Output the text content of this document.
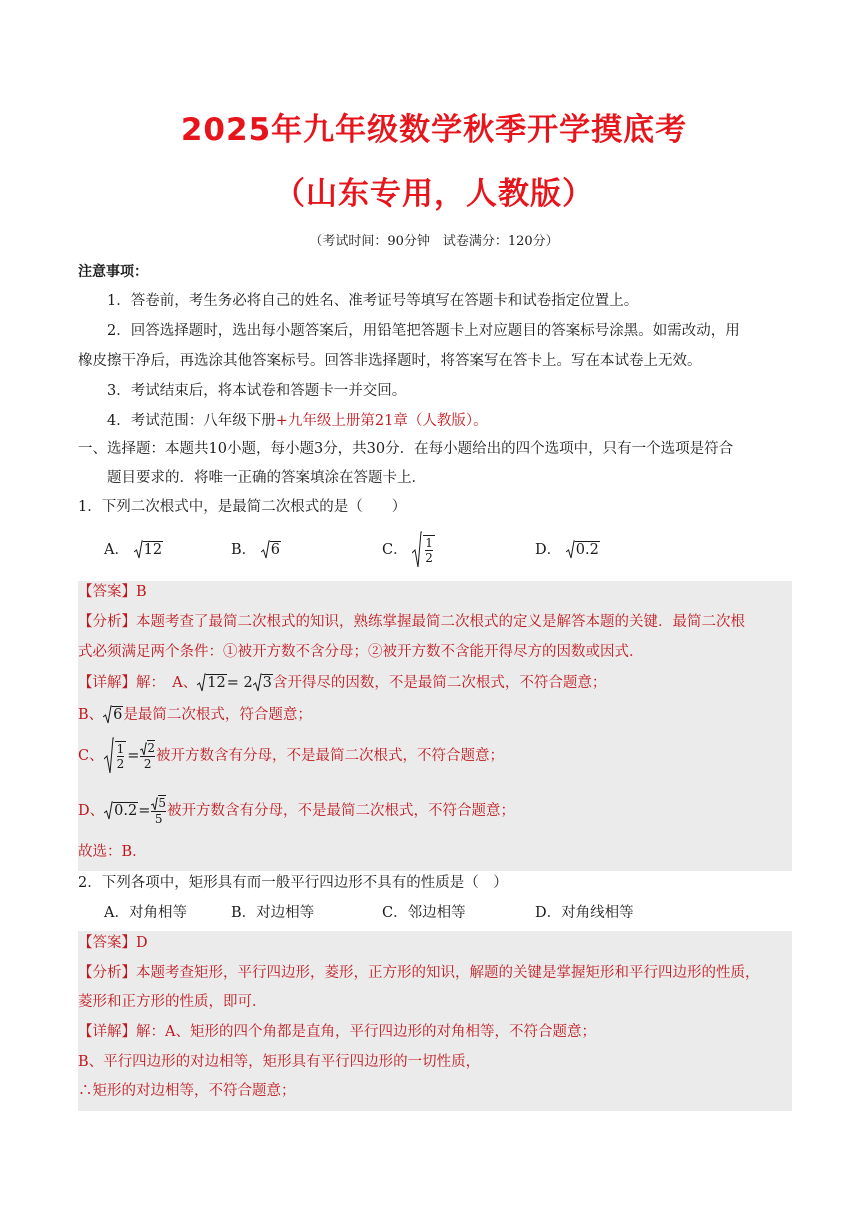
2025年九年级数学秋季开学摸底考
（山东专用，人教版）
（考试时间：90分钟　试卷满分：120分）
注意事项：
1．答卷前，考生务必将自己的姓名、准考证号等填写在答题卡和试卷指定位置上。
2．回答选择题时，选出每小题答案后，用铅笔把答题卡上对应题目的答案标号涂黑。如需改动，用
橡皮擦干净后，再选涂其他答案标号。回答非选择题时，将答案写在答卡上。写在本试卷上无效。
3．考试结束后，将本试卷和答题卡一并交回。
4．考试范围：八年级下册+九年级上册第21章（人教版）。
一、选择题：本题共10小题，每小题3分，共30分．在每小题给出的四个选项中，只有一个选项是符合
题目要求的．将唯一正确的答案填涂在答题卡上．
1．下列二次根式中，是最简二次根式的是（　　）
A． 12	B． 6	C． $\frac{1}{2}$	D． 0.2
【答案】B
【分析】本题考查了最简二次根式的知识，熟练掌握最简二次根式的定义是解答本题的关键．最简二次根
式必须满足两个条件：①被开方数不含分母；②被开方数不含能开得尽方的因数或因式．
【详解】解：　A、 12= 2 3含开得尽的因数，不是最简二次根式，不符合题意；
B、 6是最简二次根式，符合题意；
C、 $\frac{1}{2} = \frac{2}{2}$ 被开方数含有分母，不是最简二次根式，不符合题意；
D、 $0.2= \frac{5}{5}$ 被开方数含有分母，不是最简二次根式，不符合题意；
故选：B．
2．下列各项中，矩形具有而一般平行四边形不具有的性质是（　）
A．对角相等	B．对边相等	C．邻边相等	D．对角线相等
【答案】D
【分析】本题考查矩形，平行四边形，菱形，正方形的知识，解题的关键是掌握矩形和平行四边形的性质，
菱形和正方形的性质，即可．
【详解】解：A、矩形的四个角都是直角，平行四边形的对角相等，不符合题意；
B、平行四边形的对边相等，矩形具有平行四边形的一切性质，
∴矩形的对边相等，不符合题意；
